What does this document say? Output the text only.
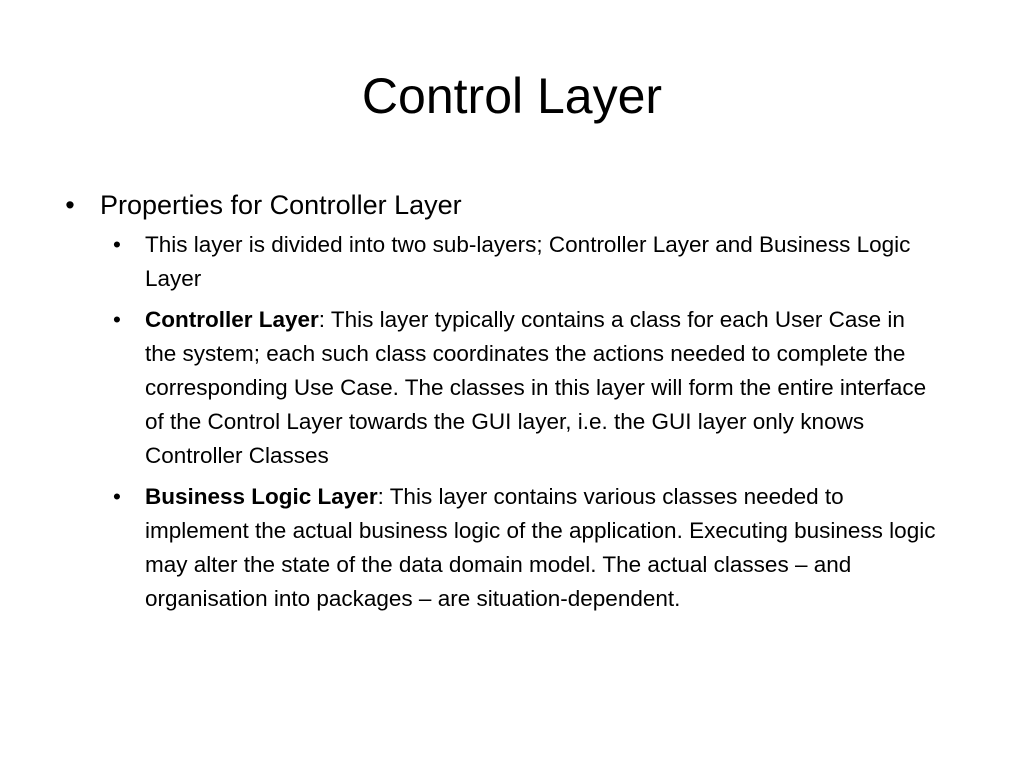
Control Layer
• Properties for Controller Layer
•	This layer is divided into two sub-layers; Controller Layer and Business Logic Layer
•	Controller Layer: This layer typically contains a class for each User Case in the system; each such class coordinates the actions needed to complete the corresponding Use Case. The classes in this layer will form the entire interface of the Control Layer towards the GUI layer, i.e. the GUI layer only knows Controller Classes
•	Business Logic Layer: This layer contains various classes needed to implement the actual business logic of the application. Executing business logic may alter the state of the data domain model. The actual classes – and organisation into packages – are situation-dependent.
